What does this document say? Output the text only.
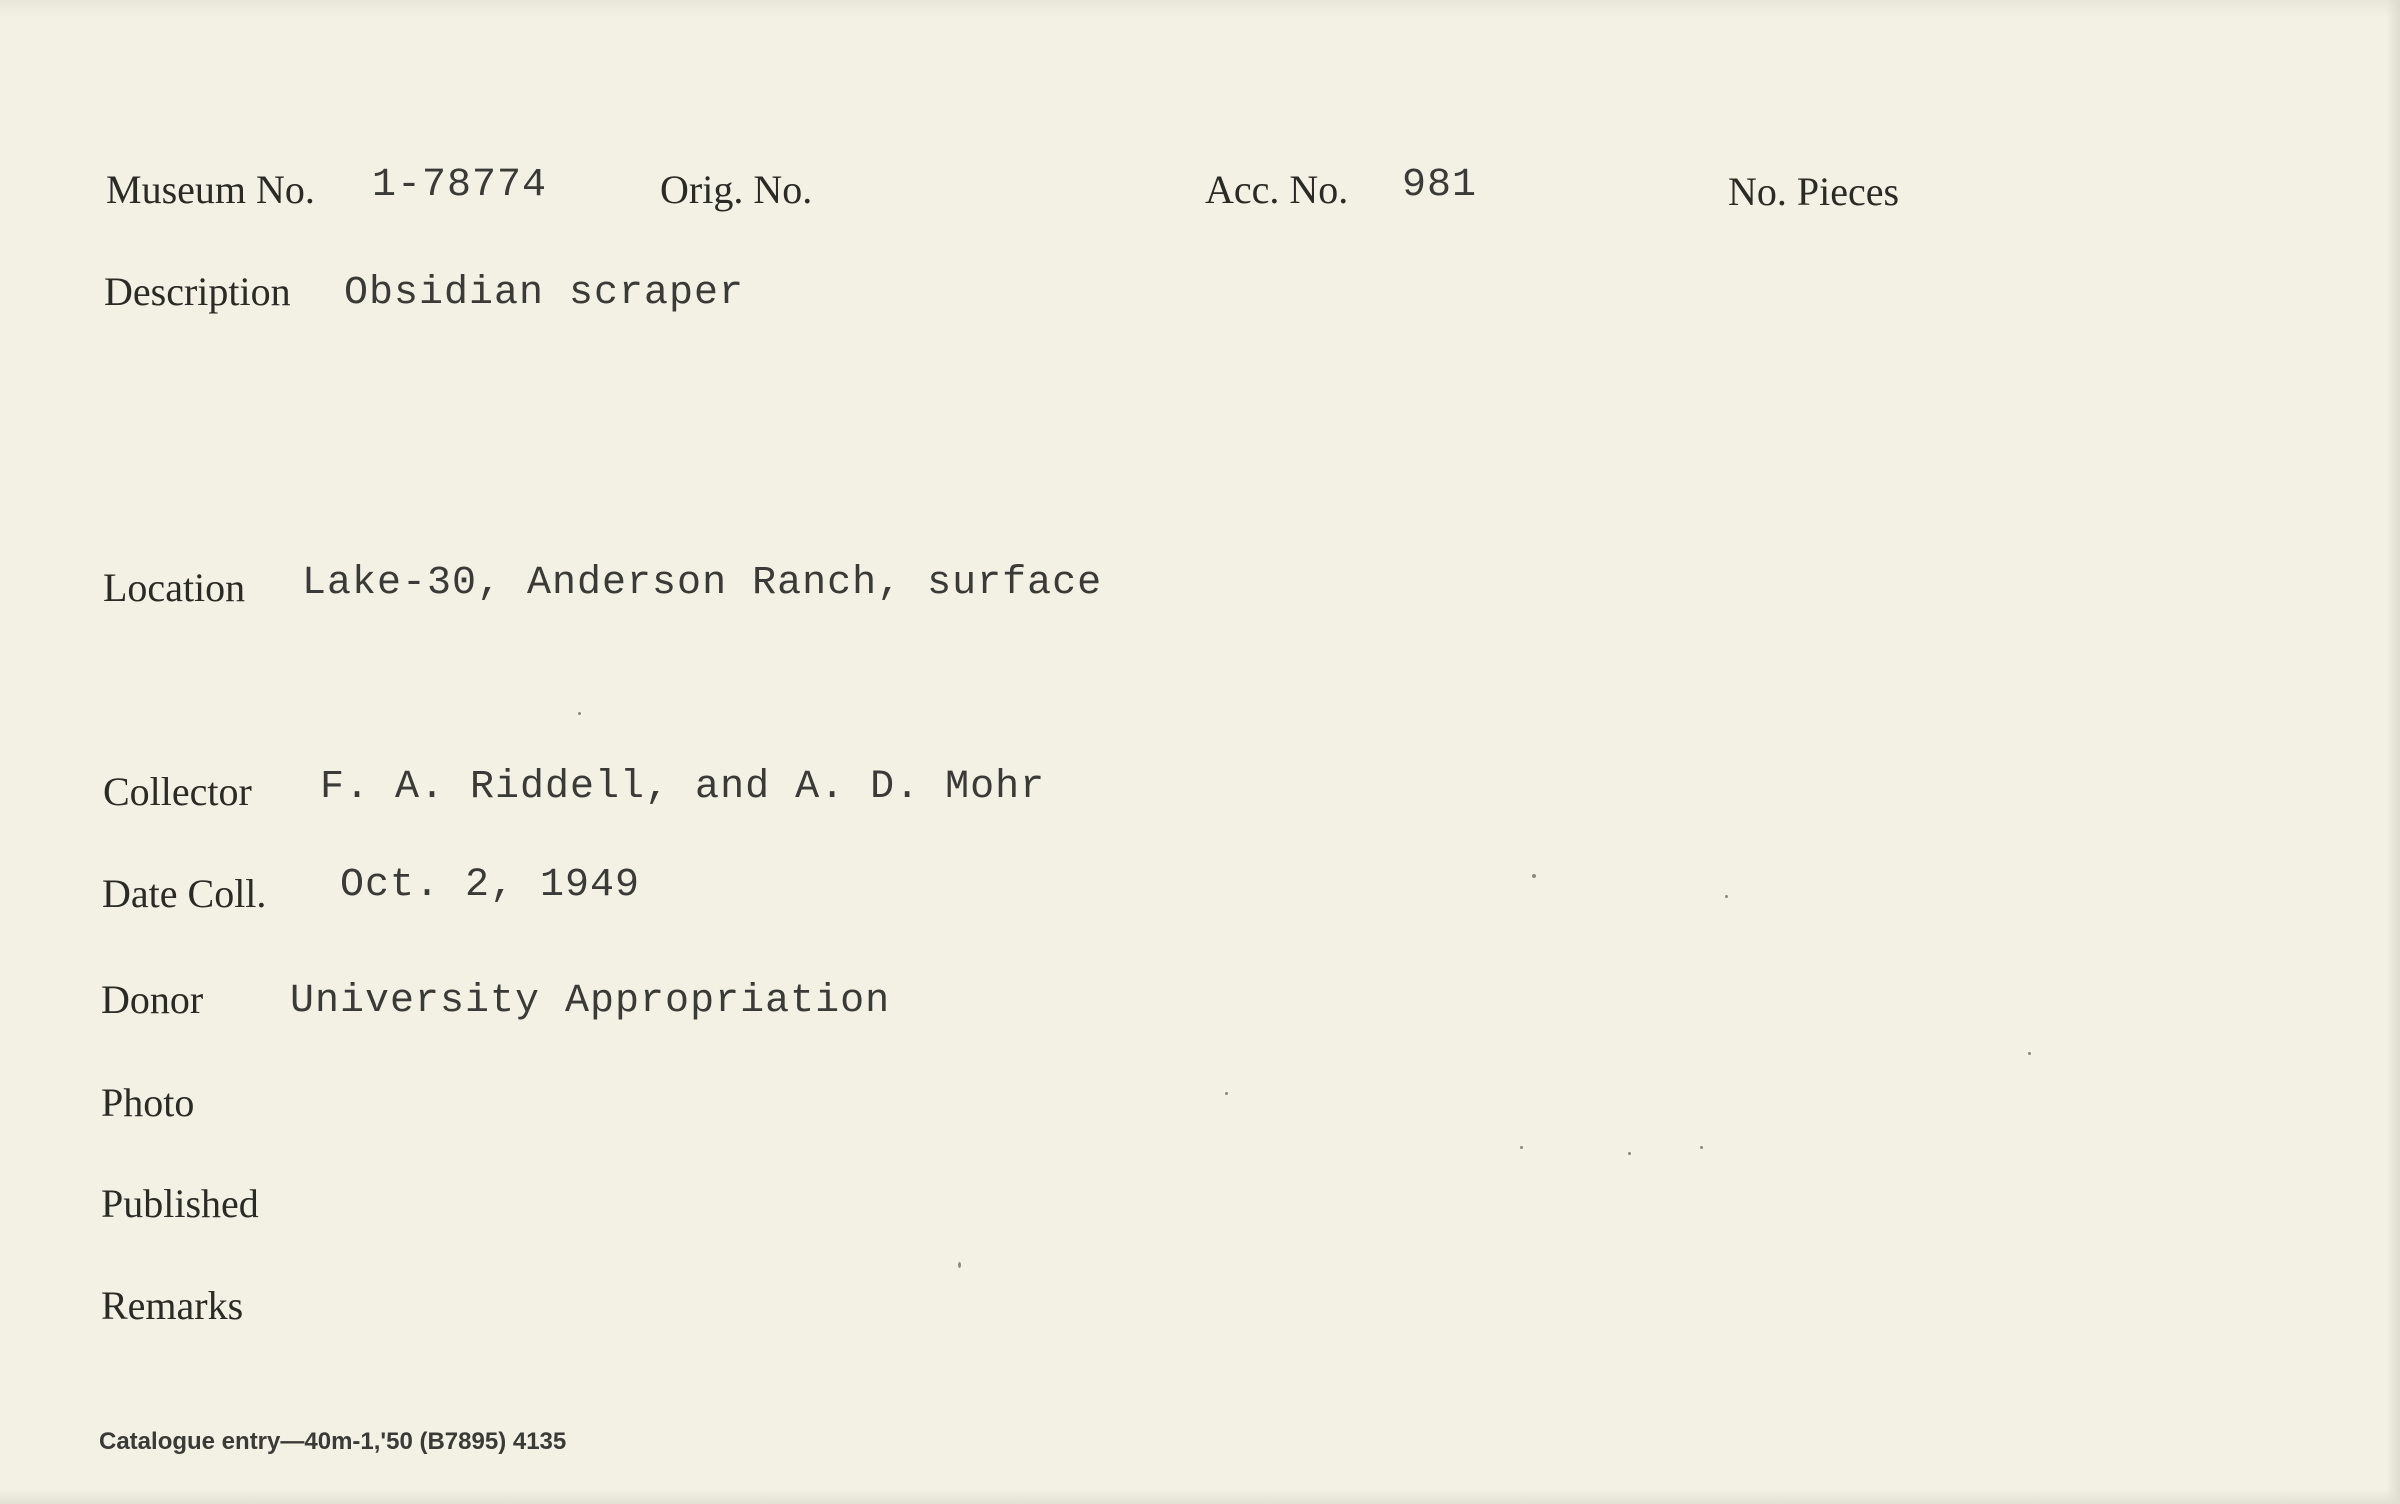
Museum No. 1-78774	Orig. No.	Acc. No. 981	No. Pieces
Description Obsidian scraper
Location Lake-30, Anderson Ranch, surface
Collector F. A. Riddell, and A. D. Mohr
Date Coll. Oct. 2, 1949
Donor University Appropriation
Photo
Published
Remarks
Catalogue entry—40m-1,'50 (B7895) 4135
